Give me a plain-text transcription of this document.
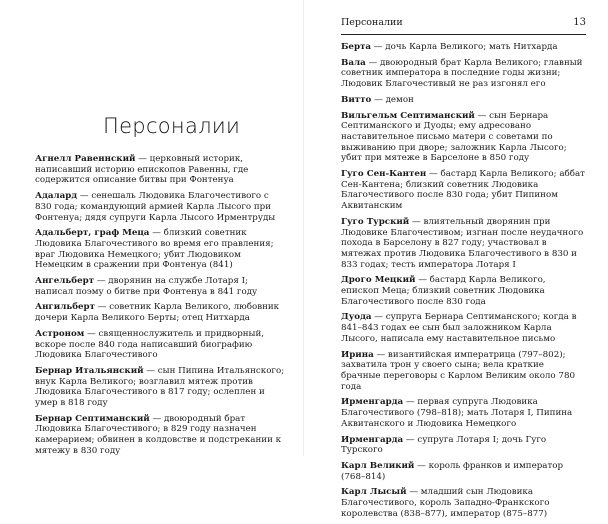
Персоналии

Агнелл Равеннский — церковный историк, написавший историю епископов Равенны, где содержится описание битвы при Фонтенуа

Адалард — сенешаль Людовика Благочестивого с 830 года; командующий армией Карла Лысого при Фонтенуа; дядя супруги Карла Лысого Ирментруды

Адальберт, граф Меца — близкий советник Людовика Благочестивого во время его правления; враг Людовика Немецкого; убит Людовиком Немецким в сражении при Фонтенуа (841)

Ангельберт — дворянин на службе Лотаря I; написал поэму о битве при Фонтенуа в 841 году

Ангильберт — советник Карла Великого, любовник дочери Карла Великого Берты; отец Нитхарда

Астроном — священнослужитель и придворный, вскоре после 840 года написавший биографию Людовика Благочестивого

Бернар Итальянский — сын Пипина Итальянского; внук Карла Великого; возглавил мятеж против Людовика Благочестивого в 817 году; ослеплен и умер в 818 году

Бернар Септиманский — двоюродный брат Людовика Благочестивого; в 829 году назначен камерарием; обвинен в колдовстве и подстрекании к мятежу в 830 году

Персоналии	13

Берта — дочь Карла Великого; мать Нитхарда

Вала — двоюродный брат Карла Великого; главный советник императора в последние годы жизни; Людовик Благочестивый не раз изгонял его

Витто — демон

Вильгельм Септиманский — сын Бернара Септиманского и Дуоды; ему адресовано наставительное письмо матери с советами по выживанию при дворе; заложник Карла Лысого; убит при мятеже в Барселоне в 850 году

Гуго Сен-Кантен — бастард Карла Великого; аббат Сен-Кантена; близкий советник Людовика Благочестивого после 830 года; убит Пипином Аквитанским

Гуго Турский — влиятельный дворянин при Людовике Благочестивом; изгнан после неудачного похода в Барселону в 827 году; участвовал в мятежах против Людовика Благочестивого в 830 и 833 годах; тесть императора Лотаря I

Дрого Мецкий — бастард Карла Великого, епископ Меца; близкий советник Людовика Благочестивого после 830 года

Дуода — супруга Бернара Септиманского; когда в 841–843 годах ее сын был заложником Карла Лысого, написала ему наставительное письмо

Ирина — византийская императрица (797–802); захватила трон у своего сына; вела краткие брачные переговоры с Карлом Великим около 780 года

Ирменгарда — первая супруга Людовика Благочестивого (798–818); мать Лотаря I, Пипина Аквитанского и Людовика Немецкого

Ирменгарда — супруга Лотаря I; дочь Гуго Турского

Карл Великий — король франков и император (768–814)

Карл Лысый — младший сын Людовика Благочестивого, король Западно-Франкского королевства (838–877), император (875–877)
